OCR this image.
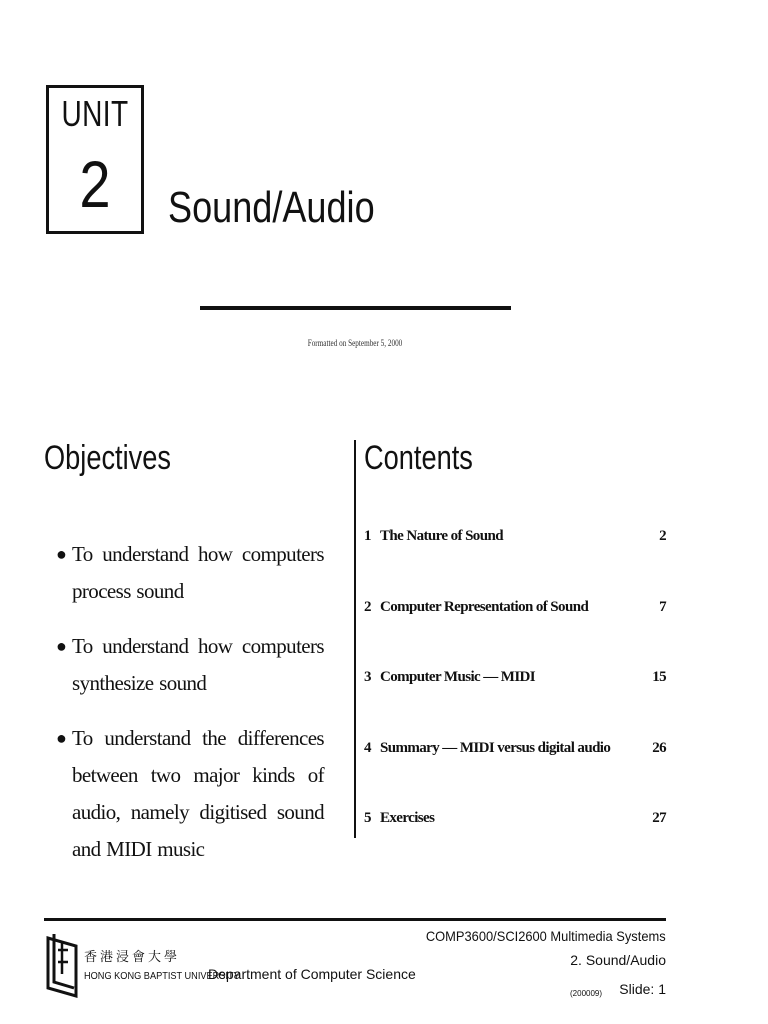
UNIT
2	Sound/Audio
Formatted on September 5, 2000
Objectives	Contents
● To understand how computers process sound
● To understand how computers synthesize sound
● To understand the differences between two major kinds of audio, namely digitised sound and MIDI music
1 The Nature of Sound	2
2 Computer Representation of Sound	7
3 Computer Music — MIDI	15
4 Summary — MIDI versus digital audio	26
5 Exercises	27
香港浸會大學
HONG KONG BAPTIST UNIVERSITY
Department of Computer Science
COMP3600/SCI2600 Multimedia Systems
2. Sound/Audio
(200009) Slide: 1
